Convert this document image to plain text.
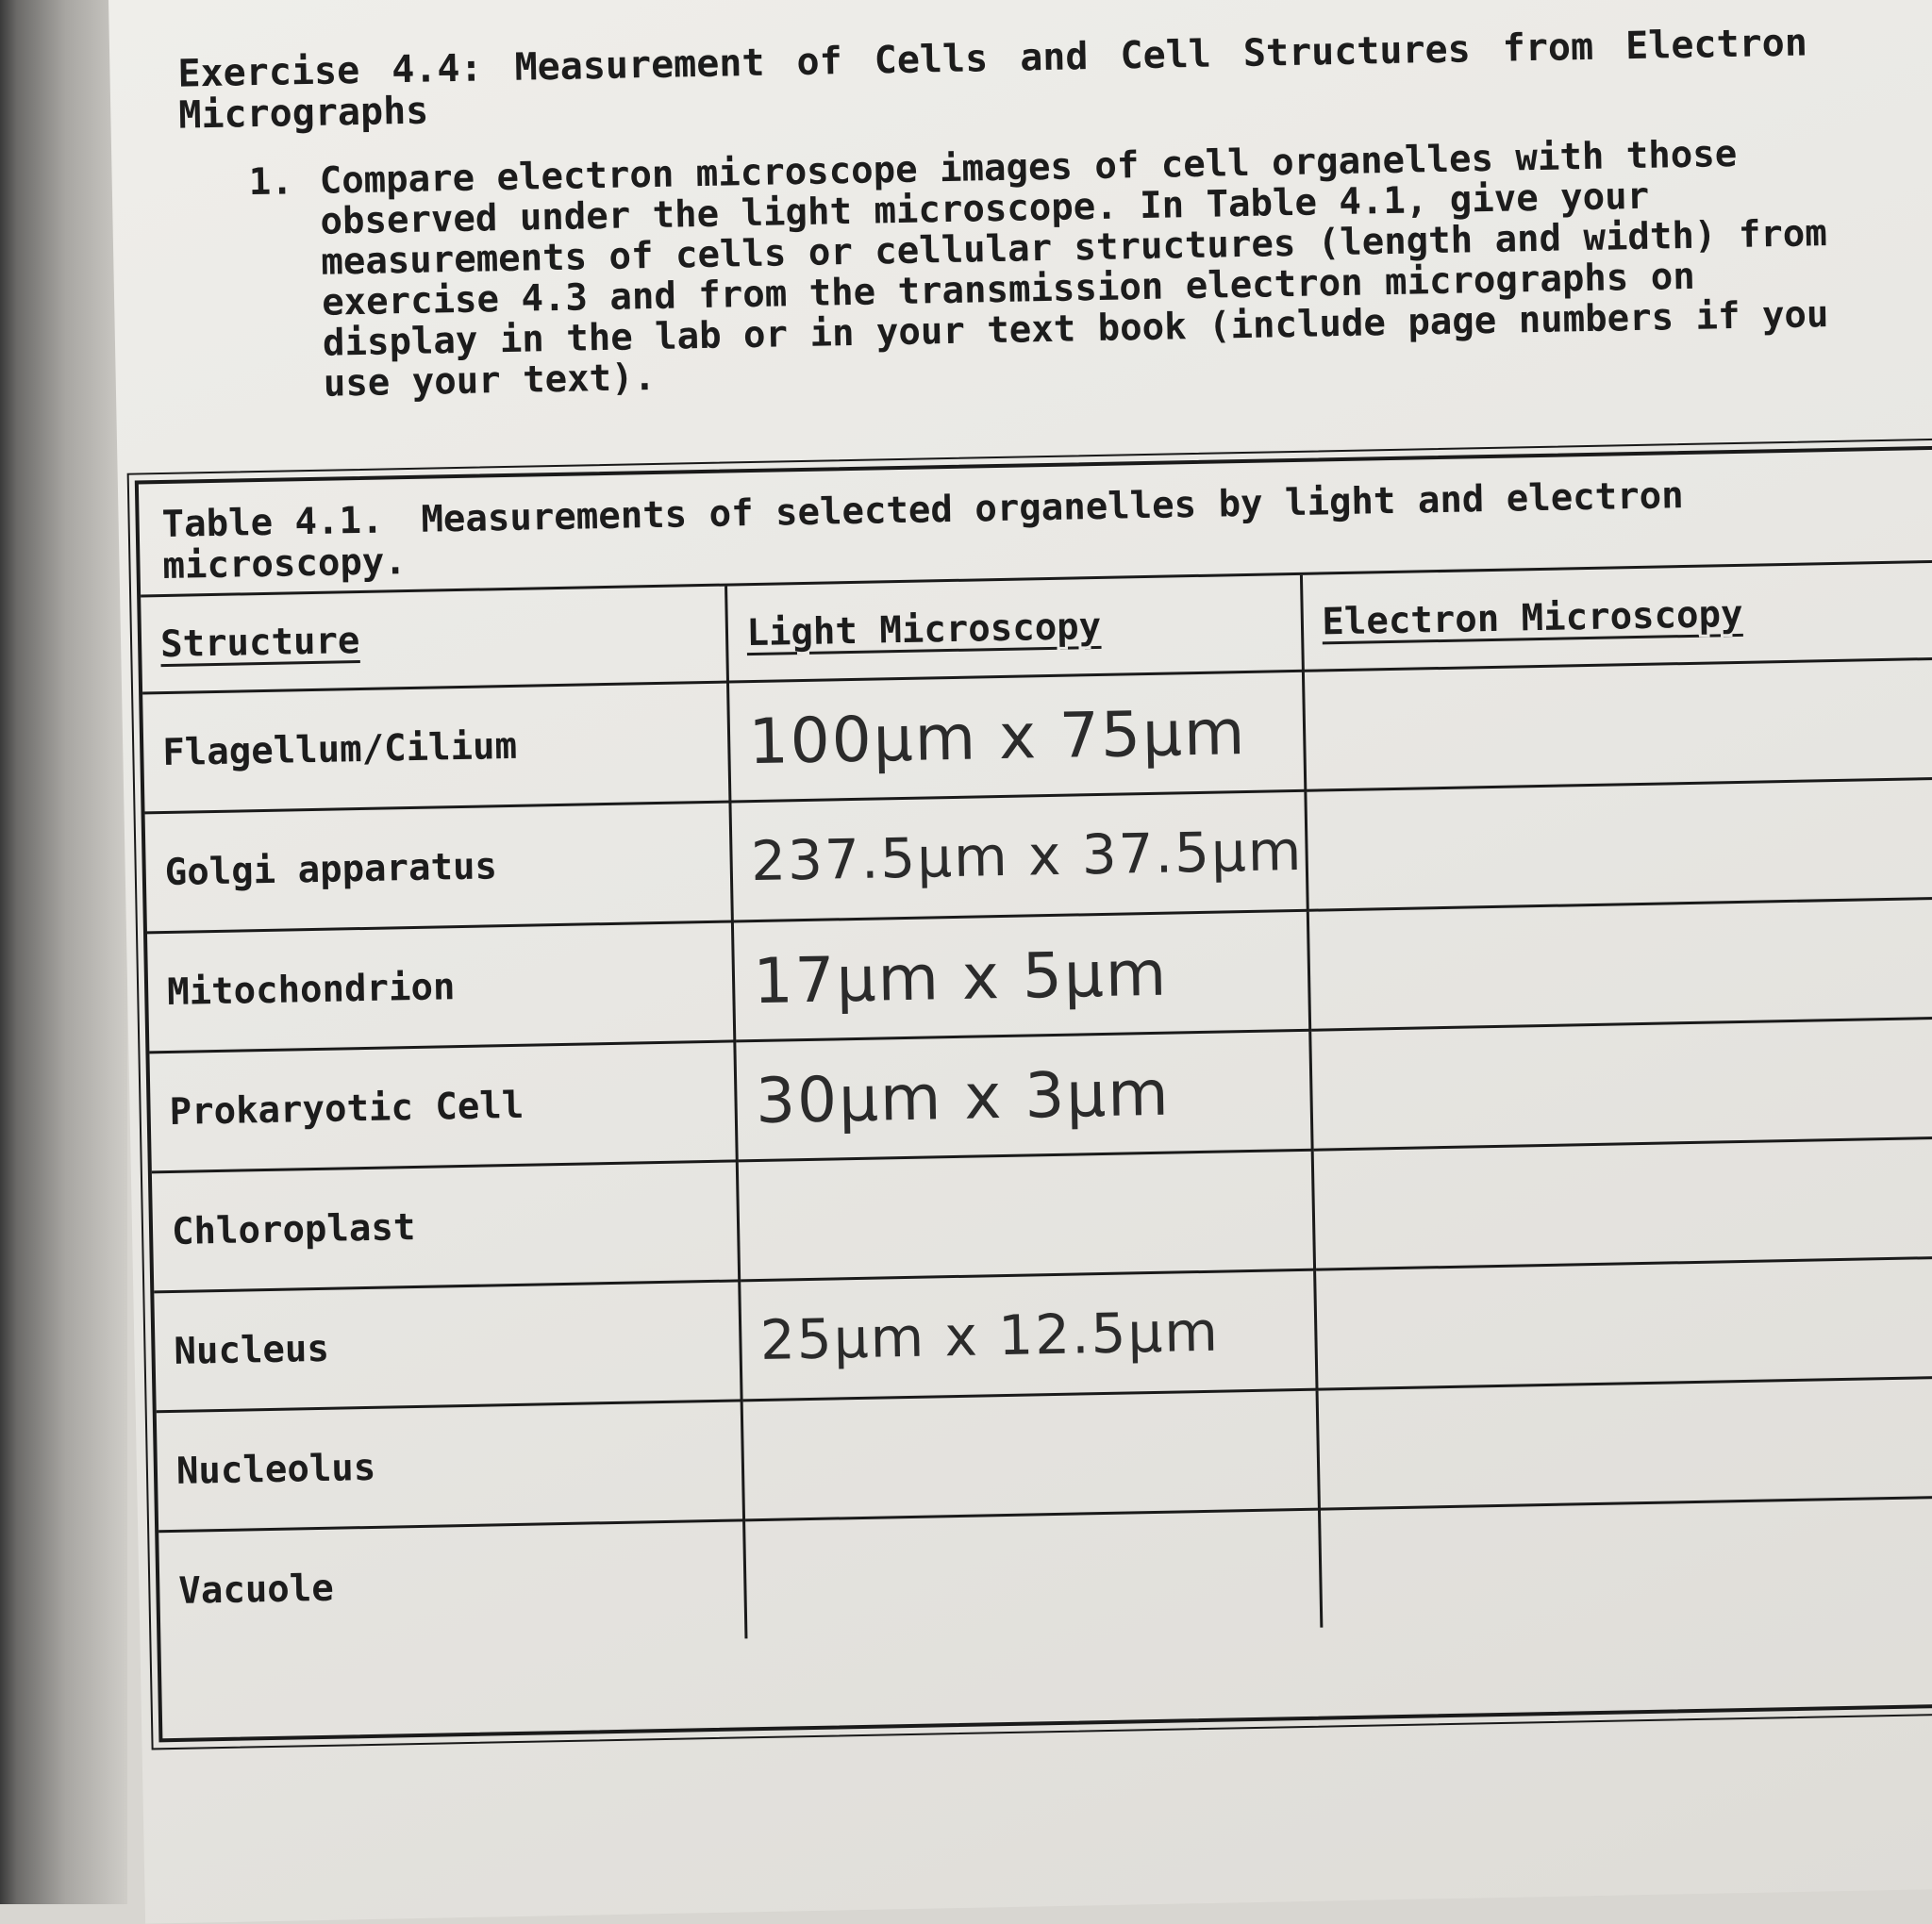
Exercise 4.4: Measurement of Cells and Cell Structures from Electron Micrographs
1. Compare electron microscope images of cell organelles with those observed under the light microscope. In Table 4.1, give your measurements of cells or cellular structures (length and width) from exercise 4.3 and from the transmission electron micrographs on display in the lab or in your text book (include page numbers if you use your text).
Table 4.1. Measurements of selected organelles by light and electron microscopy.
Structure	Light Microscopy	Electron Microscopy
Flagellum/Cilium	100µm x 75µm	
Golgi apparatus	237.5µm x 37.5µm	
Mitochondrion	17µm x 5µm	
Prokaryotic Cell	30µm x 3µm	
Chloroplast		
Nucleus	25µm x 12.5µm	
Nucleolus		
Vacuole		
